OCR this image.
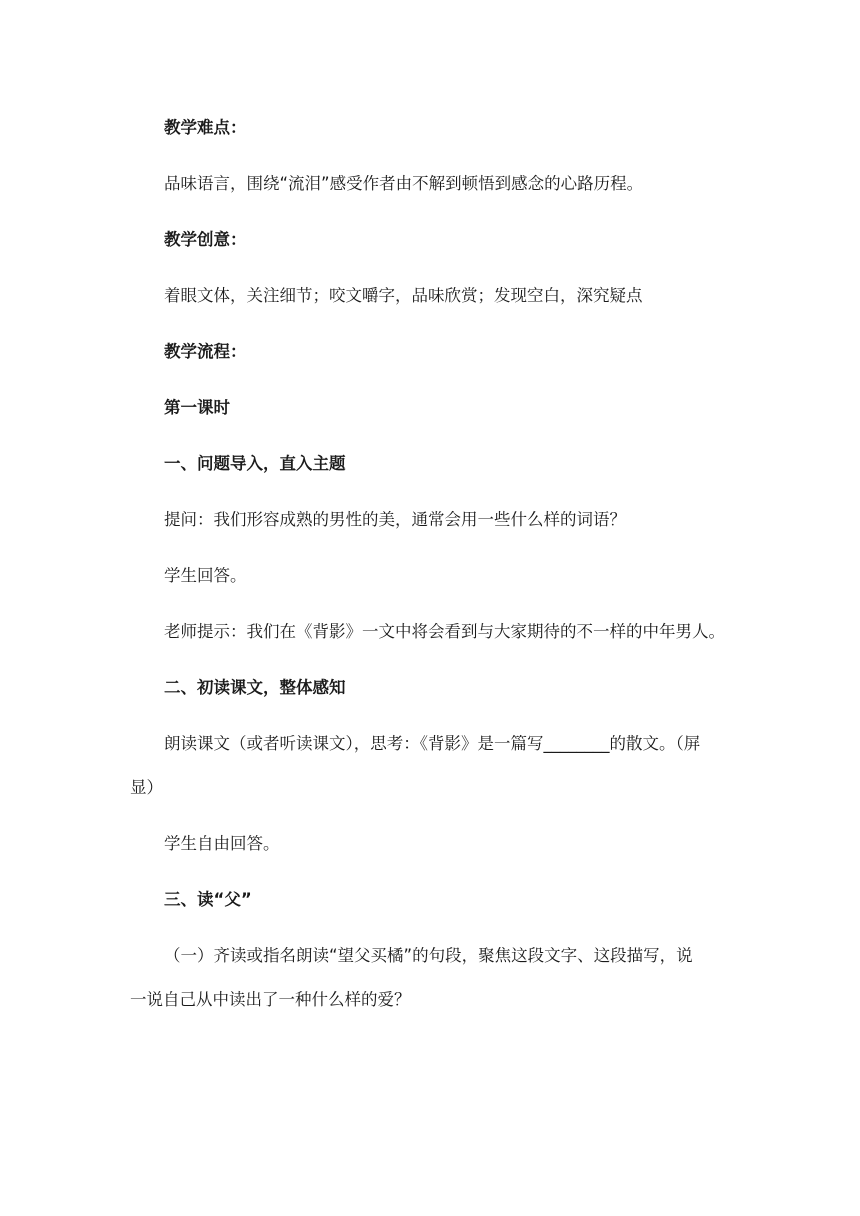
教学难点：
品味语言，围绕“流泪”感受作者由不解到顿悟到感念的心路历程。
教学创意：
着眼文体，关注细节；咬文嚼字，品味欣赏；发现空白，深究疑点
教学流程：
第一课时
一、问题导入，直入主题
提问：我们形容成熟的男性的美，通常会用一些什么样的词语？
学生回答。
老师提示：我们在《背影》一文中将会看到与大家期待的不一样的中年男人。
二、初读课文，整体感知
朗读课文（或者听读课文），思考：《背影》是一篇写________的散文。（屏
显）
学生自由回答。
三、读“父”
（一）齐读或指名朗读“望父买橘”的句段，聚焦这段文字、这段描写，说
一说自己从中读出了一种什么样的爱？
